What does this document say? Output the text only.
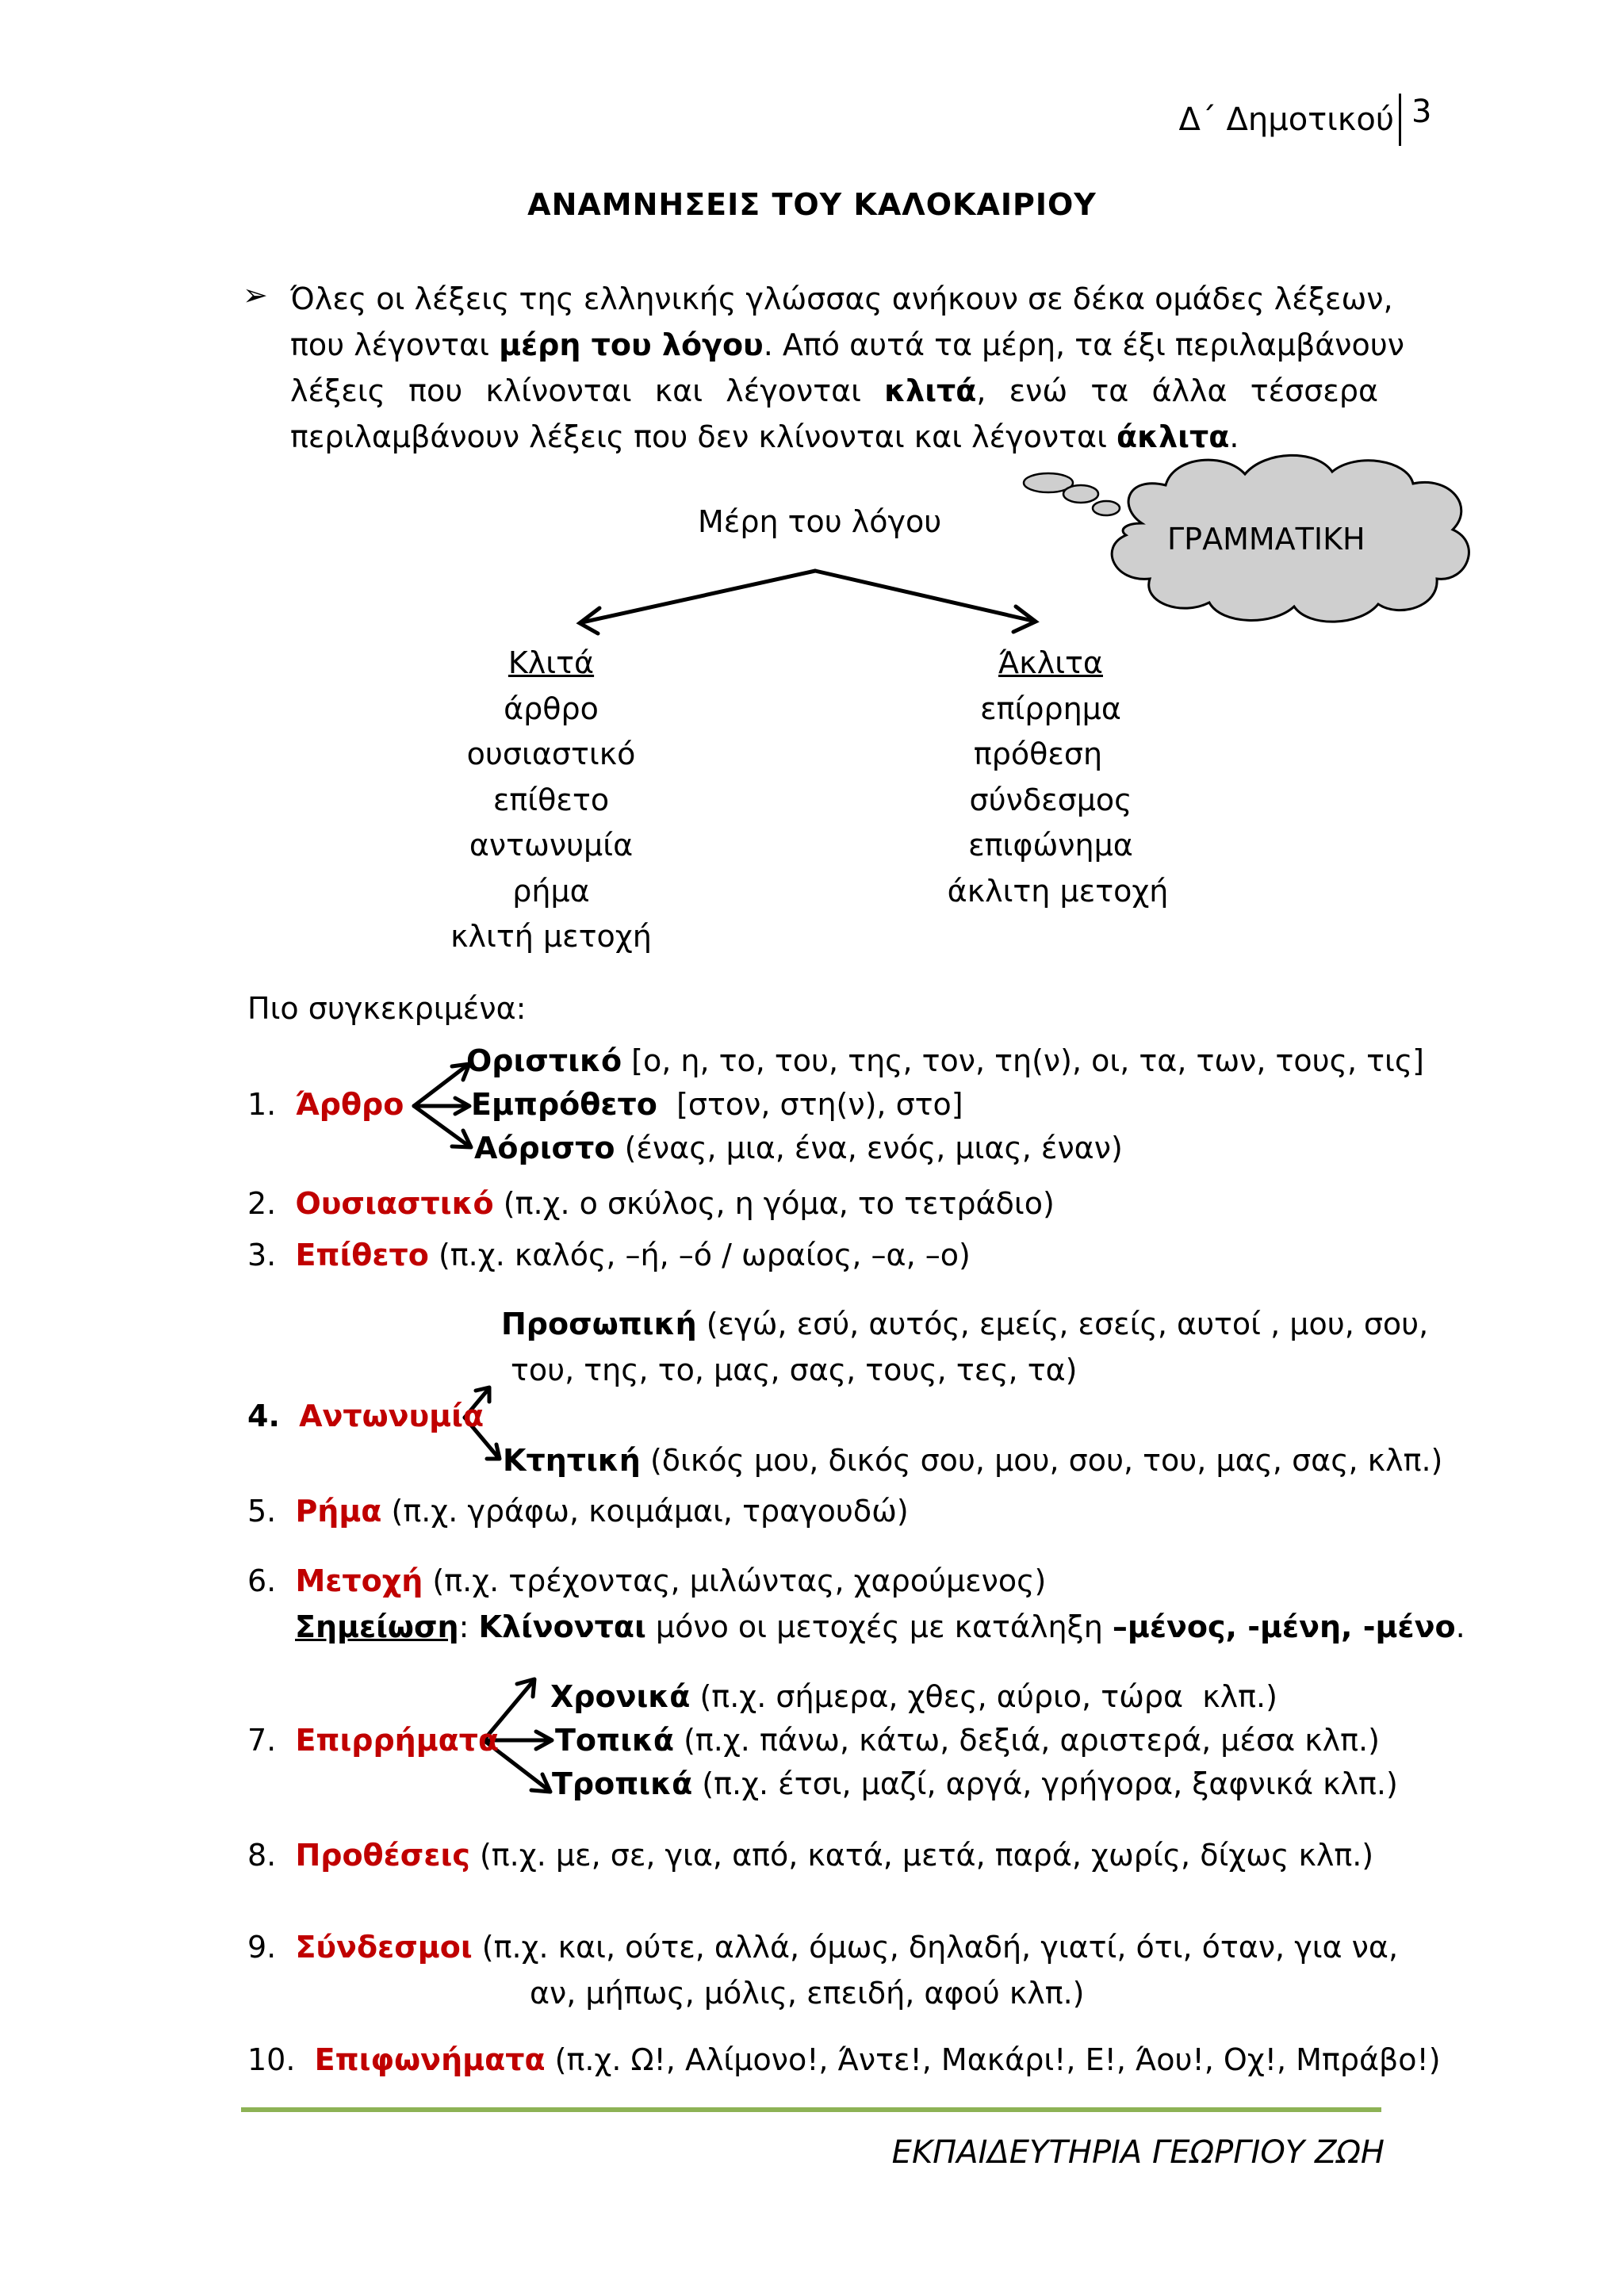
Δ΄ Δημοτικού 3
ΑΝΑΜΝΗΣΕΙΣ ΤΟΥ ΚΑΛΟΚΑΙΡΙΟΥ
➢ Όλες οι λέξεις της ελληνικής γλώσσας ανήκουν σε δέκα ομάδες λέξεων,
που λέγονται μέρη του λόγου. Από αυτά τα μέρη, τα έξι περιλαμβάνουν
λέξεις που κλίνονται και λέγονται κλιτά, ενώ τα άλλα τέσσερα
περιλαμβάνουν λέξεις που δεν κλίνονται και λέγονται άκλιτα.
ΓΡΑΜΜΑΤΙΚΗ
Μέρη του λόγου
Κλιτά
άρθρο
ουσιαστικό
επίθετο
αντωνυμία
ρήμα
κλιτή μετοχή
Άκλιτα
επίρρημα
πρόθεση
σύνδεσμος
επιφώνημα
άκλιτη μετοχή
Πιο συγκεκριμένα:
Οριστικό [ο, η, το, του, της, τον, τη(ν), οι, τα, των, τους, τις]
1. Άρθρο Εμπρόθετο  [στον, στη(ν), στο]
Αόριστο (ένας, μια, ένα, ενός, μιας, έναν)
2. Ουσιαστικό (π.χ. ο σκύλος, η γόμα, το τετράδιο)
3. Επίθετο (π.χ. καλός, –ή, –ό / ωραίος, –α, –ο)
Προσωπική (εγώ, εσύ, αυτός, εμείς, εσείς, αυτοί , μου, σου,
του, της, το, μας, σας, τους, τες, τα)
4. Αντωνυμία
Κτητική (δικός μου, δικός σου, μου, σου, του, μας, σας, κλπ.)
5. Ρήμα (π.χ. γράφω, κοιμάμαι, τραγουδώ)
6. Μετοχή (π.χ. τρέχοντας, μιλώντας, χαρούμενος)
Σημείωση: Κλίνονται μόνο οι μετοχές με κατάληξη –μένος, -μένη, -μένο.
Χρονικά (π.χ. σήμερα, χθες, αύριο, τώρα  κλπ.)
7. Επιρρήματα Τοπικά (π.χ. πάνω, κάτω, δεξιά, αριστερά, μέσα κλπ.)
Τροπικά (π.χ. έτσι, μαζί, αργά, γρήγορα, ξαφνικά κλπ.)
8. Προθέσεις (π.χ. με, σε, για, από, κατά, μετά, παρά, χωρίς, δίχως κλπ.)
9. Σύνδεσμοι (π.χ. και, ούτε, αλλά, όμως, δηλαδή, γιατί, ότι, όταν, για να,
αν, μήπως, μόλις, επειδή, αφού κλπ.)
10. Επιφωνήματα (π.χ. Ω!, Αλίμονο!, Άντε!, Μακάρι!, Ε!, Άου!, Οχ!, Μπράβο!)
ΕΚΠΑΙΔΕΥΤΗΡΙΑ ΓΕΩΡΓΙΟΥ ΖΩΗ
